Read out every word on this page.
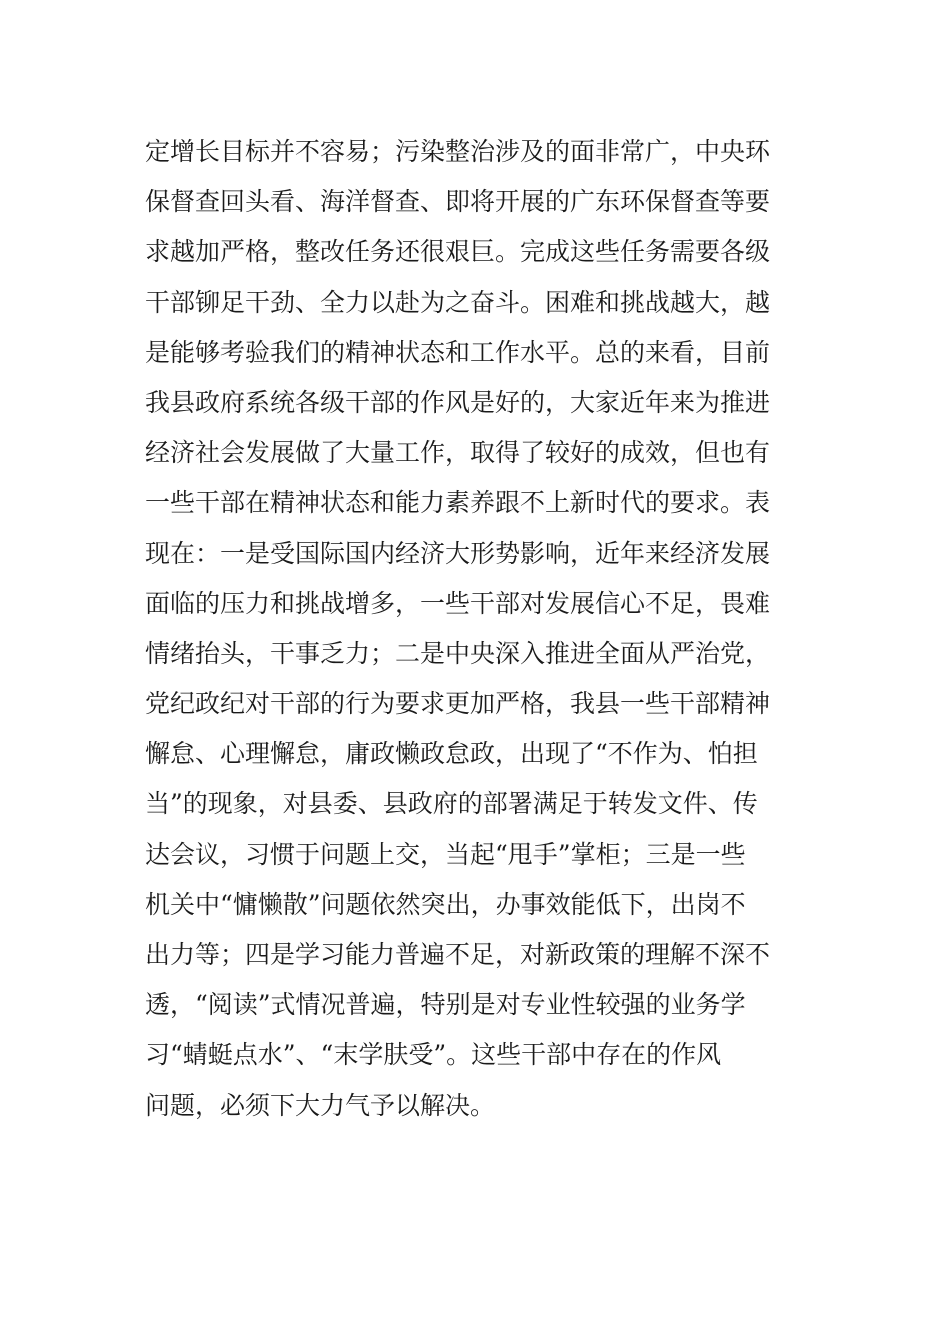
定增长目标并不容易；污染整治涉及的面非常广，中央环
保督查回头看、海洋督查、即将开展的广东环保督查等要
求越加严格，整改任务还很艰巨。完成这些任务需要各级
干部铆足干劲、全力以赴为之奋斗。困难和挑战越大，越
是能够考验我们的精神状态和工作水平。总的来看，目前
我县政府系统各级干部的作风是好的，大家近年来为推进
经济社会发展做了大量工作，取得了较好的成效，但也有
一些干部在精神状态和能力素养跟不上新时代的要求。表
现在：一是受国际国内经济大形势影响，近年来经济发展
面临的压力和挑战增多，一些干部对发展信心不足，畏难
情绪抬头，干事乏力；二是中央深入推进全面从严治党，
党纪政纪对干部的行为要求更加严格，我县一些干部精神
懈怠、心理懈怠，庸政懒政怠政，出现了“不作为、怕担
当”的现象，对县委、县政府的部署满足于转发文件、传
达会议，习惯于问题上交，当起“甩手”掌柜；三是一些
机关中“慵懒散”问题依然突出，办事效能低下，出岗不
出力等；四是学习能力普遍不足，对新政策的理解不深不
透，“阅读”式情况普遍，特别是对专业性较强的业务学
习“蜻蜓点水”、“末学肤受”。这些干部中存在的作风
问题，必须下大力气予以解决。
